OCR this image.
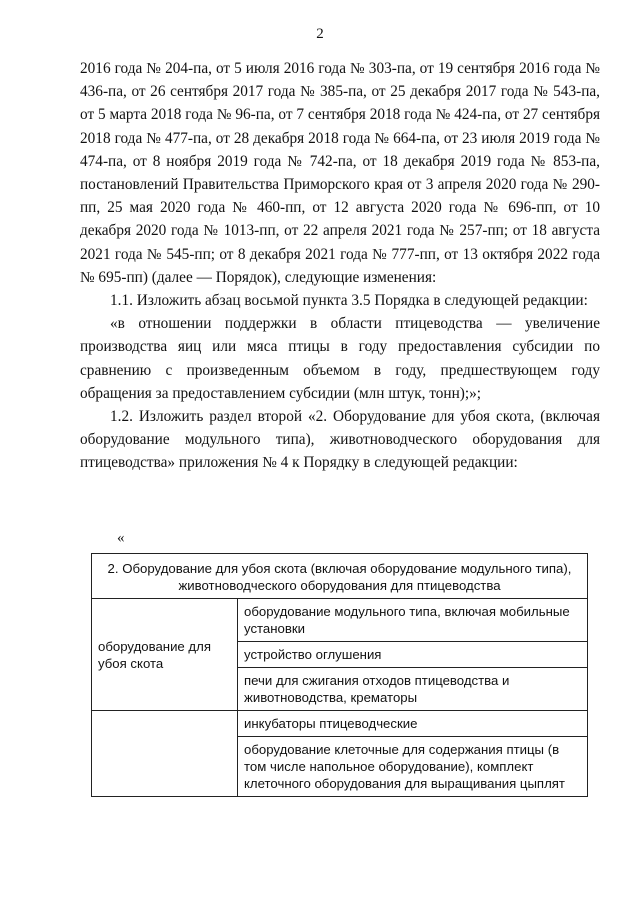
2

2016 года № 204-па, от 5 июля 2016 года № 303-па, от 19 сентября 2016 года № 436-па, от 26 сентября 2017 года № 385-па, от 25 декабря 2017 года № 543-па, от 5 марта 2018 года № 96-па, от 7 сентября 2018 года № 424-па, от 27 сентября 2018 года № 477-па, от 28 декабря 2018 года № 664-па, от 23 июля 2019 года № 474-па, от 8 ноября 2019 года № 742-па, от 18 декабря 2019 года № 853-па, постановлений Правительства Приморского края от 3 апреля 2020 года № 290-пп, 25 мая 2020 года № 460-пп, от 12 августа 2020 года № 696-пп, от 10 декабря 2020 года № 1013-пп, от 22 апреля 2021 года № 257-пп; от 18 августа 2021 года № 545-пп; от 8 декабря 2021 года № 777-пп, от 13 октября 2022 года № 695-пп) (далее — Порядок), следующие изменения:

1.1. Изложить абзац восьмой пункта 3.5 Порядка в следующей редакции:

«в отношении поддержки в области птицеводства — увеличение производства яиц или мяса птицы в году предоставления субсидии по сравнению с произведенным объемом в году, предшествующем году обращения за предоставлением субсидии (млн штук, тонн);»;

1.2. Изложить раздел второй «2. Оборудование для убоя скота, (включая оборудование модульного типа), животноводческого оборудования для птицеводства» приложения № 4 к Порядку в следующей редакции:

«
2. Оборудование для убоя скота (включая оборудование модульного типа), животноводческого оборудования для птицеводства	
оборудование для убоя скота	оборудование модульного типа, включая мобильные установки
	устройство оглушения
	печи для сжигания отходов птицеводства и животноводства, крематоры
	инкубаторы птицеводческие
	оборудование клеточные для содержания птицы (в том числе напольное оборудование), комплект клеточного оборудования для выращивания цыплят
